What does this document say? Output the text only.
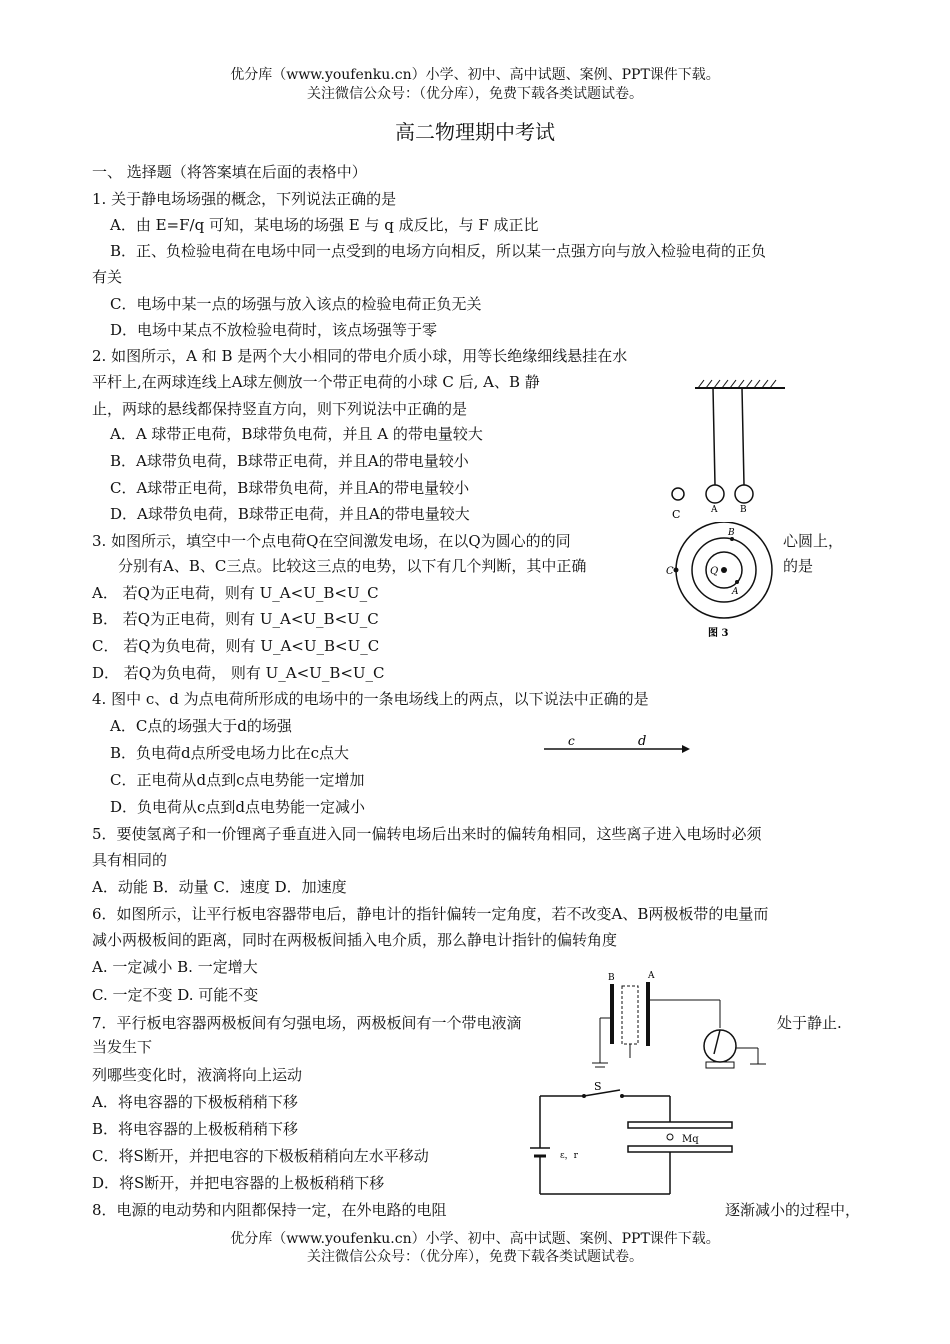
优分库（www.youfenku.cn）小学、初中、高中试题、案例、PPT课件下载。
关注微信公众号：（优分库），免费下载各类试题试卷。
高二物理期中考试
一、 选择题（将答案填在后面的表格中）
1. 关于静电场场强的概念，下列说法正确的是
A．由 E=F/q 可知，某电场的场强 E 与 q 成反比，与 F 成正比
B．正、负检验电荷在电场中同一点受到的电场方向相反，所以某一点强方向与放入检验电荷的正负
有关
C．电场中某一点的场强与放入该点的检验电荷正负无关
D．电场中某点不放检验电荷时，该点场强等于零
2. 如图所示，A 和 B 是两个大小相同的带电介质小球，用等长绝缘细线悬挂在水
平杆上,在两球连线上A球左侧放一个带正电荷的小球 C 后, A、B 静
止，两球的悬线都保持竖直方向，则下列说法中正确的是
A．A 球带正电荷，B球带负电荷，并且 A 的带电量较大
B．A球带负电荷，B球带正电荷，并且A的带电量较小
C．A球带正电荷，B球带负电荷，并且A的带电量较小
D．A球带负电荷，B球带正电荷，并且A的带电量较大	C	A	B
3. 如图所示，填空中一个点电荷Q在空间激发电场，在以Q为圆心的的同	心圆上，
分别有A、B、C三点。比较这三点的电势，以下有几个判断，其中正确	的是
A． 若Q为正电荷，则有 U_A<U_B<U_C
B． 若Q为正电荷，则有 U_A<U_B<U_C
C． 若Q为负电荷，则有 U_A<U_B<U_C
D． 若Q为负电荷， 则有 U_A<U_B<U_C
C	Q
B
A
图 3
4. 图中 c、d 为点电荷所形成的电场中的一条电场线上的两点，以下说法中正确的是
A．C点的场强大于d的场强
B．负电荷d点所受电场力比在c点大
C．正电荷从d点到c点电势能一定增加
D．负电荷从c点到d点电势能一定减小
c	d
5．要使氢离子和一价锂离子垂直进入同一偏转电场后出来时的偏转角相同，这些离子进入电场时必须
具有相同的
A．动能 B．动量 C．速度 D．加速度
6．如图所示，让平行板电容器带电后，静电计的指针偏转一定角度，若不改变A、B两极板带的电量而
减小两极板间的距离，同时在两极板间插入电介质，那么静电计指针的偏转角度
A. 一定减小 B. 一定增大
C. 一定不变 D. 可能不变
B	A
7．平行板电容器两极板间有匀强电场，两极板间有一个带电液滴	处于静止.
当发生下
列哪些变化时，液滴将向上运动
A．将电容器的下极板稍稍下移
B．将电容器的上极板稍稍下移
C．将S断开，并把电容的下极板稍稍向左水平移动
D．将S断开，并把电容器的上极板稍稍下移
S
Mq
ε，r
8．电源的电动势和内阻都保持一定，在外电路的电阻	逐渐减小的过程中，
优分库（www.youfenku.cn）小学、初中、高中试题、案例、PPT课件下载。
关注微信公众号：（优分库），免费下载各类试题试卷。
